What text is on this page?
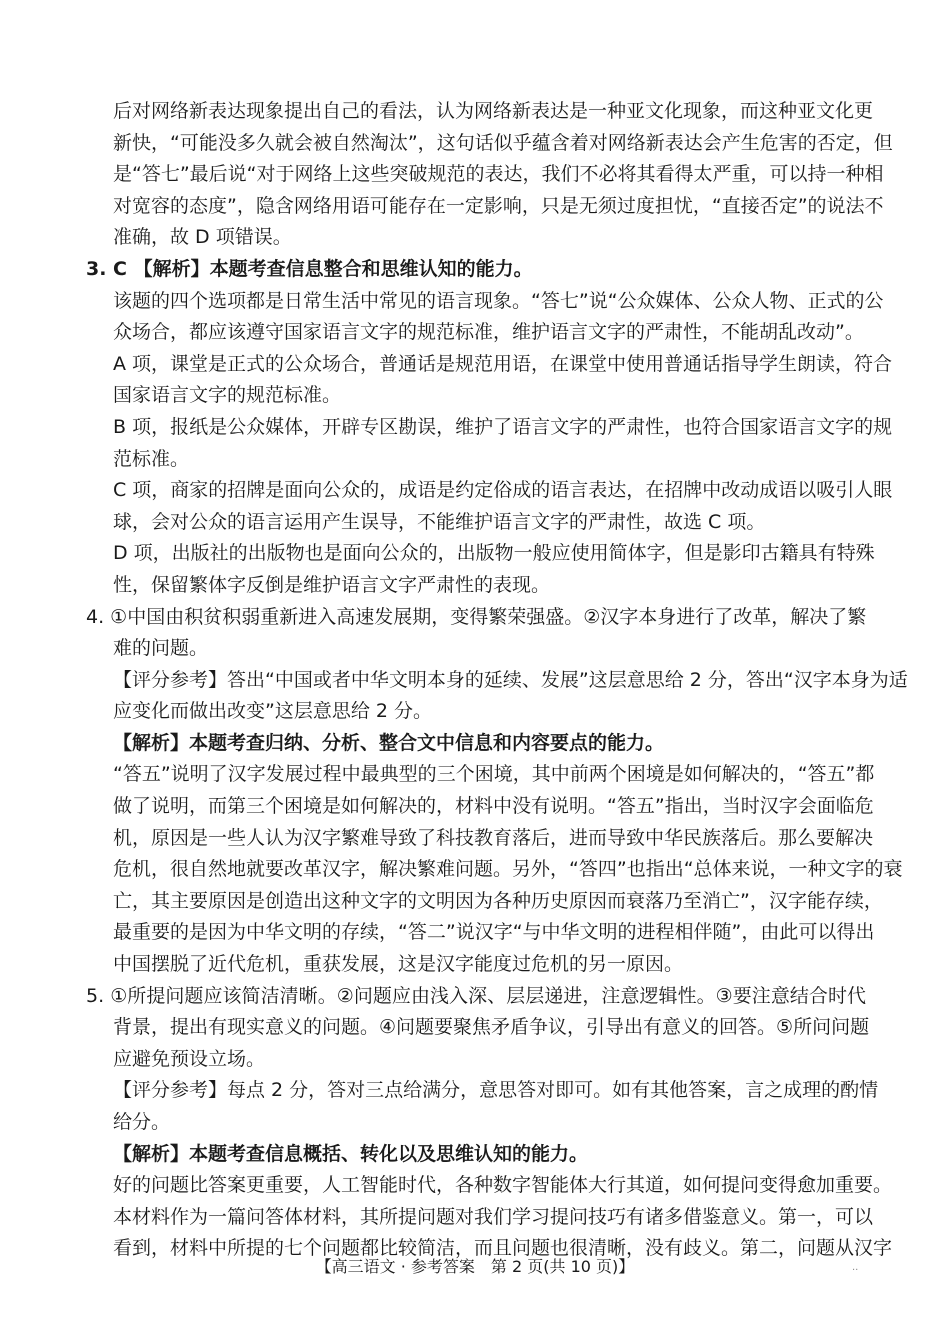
后对网络新表达现象提出自己的看法，认为网络新表达是一种亚文化现象，而这种亚文化更
新快，“可能没多久就会被自然淘汰”，这句话似乎蕴含着对网络新表达会产生危害的否定，但
是“答七”最后说“对于网络上这些突破规范的表达，我们不必将其看得太严重，可以持一种相
对宽容的态度”，隐含网络用语可能存在一定影响，只是无须过度担忧，“直接否定”的说法不
准确，故 D 项错误。
3. C 【解析】本题考查信息整合和思维认知的能力。
该题的四个选项都是日常生活中常见的语言现象。“答七”说“公众媒体、公众人物、正式的公
众场合，都应该遵守国家语言文字的规范标准，维护语言文字的严肃性，不能胡乱改动”。
A 项，课堂是正式的公众场合，普通话是规范用语，在课堂中使用普通话指导学生朗读，符合
国家语言文字的规范标准。
B 项，报纸是公众媒体，开辟专区勘误，维护了语言文字的严肃性，也符合国家语言文字的规
范标准。
C 项，商家的招牌是面向公众的，成语是约定俗成的语言表达，在招牌中改动成语以吸引人眼
球，会对公众的语言运用产生误导，不能维护语言文字的严肃性，故选 C 项。
D 项，出版社的出版物也是面向公众的，出版物一般应使用简体字，但是影印古籍具有特殊
性，保留繁体字反倒是维护语言文字严肃性的表现。
4. ①中国由积贫积弱重新进入高速发展期，变得繁荣强盛。②汉字本身进行了改革，解决了繁
难的问题。
【评分参考】答出“中国或者中华文明本身的延续、发展”这层意思给 2 分，答出“汉字本身为适
应变化而做出改变”这层意思给 2 分。
【解析】本题考查归纳、分析、整合文中信息和内容要点的能力。
“答五”说明了汉字发展过程中最典型的三个困境，其中前两个困境是如何解决的，“答五”都
做了说明，而第三个困境是如何解决的，材料中没有说明。“答五”指出，当时汉字会面临危
机，原因是一些人认为汉字繁难导致了科技教育落后，进而导致中华民族落后。那么要解决
危机，很自然地就要改革汉字，解决繁难问题。另外，“答四”也指出“总体来说，一种文字的衰
亡，其主要原因是创造出这种文字的文明因为各种历史原因而衰落乃至消亡”，汉字能存续，
最重要的是因为中华文明的存续，“答二”说汉字“与中华文明的进程相伴随”，由此可以得出
中国摆脱了近代危机，重获发展，这是汉字能度过危机的另一原因。
5. ①所提问题应该简洁清晰。②问题应由浅入深、层层递进，注意逻辑性。③要注意结合时代
背景，提出有现实意义的问题。④问题要聚焦矛盾争议，引导出有意义的回答。⑤所问问题
应避免预设立场。
【评分参考】每点 2 分，答对三点给满分，意思答对即可。如有其他答案，言之成理的酌情
给分。
【解析】本题考查信息概括、转化以及思维认知的能力。
好的问题比答案更重要，人工智能时代，各种数字智能体大行其道，如何提问变得愈加重要。
本材料作为一篇问答体材料，其所提问题对我们学习提问技巧有诸多借鉴意义。第一，可以
看到，材料中所提的七个问题都比较简洁，而且问题也很清晰，没有歧义。第二，问题从汉字
【高三语文 · 参考答案　第 2 页(共 10 页)】	..
